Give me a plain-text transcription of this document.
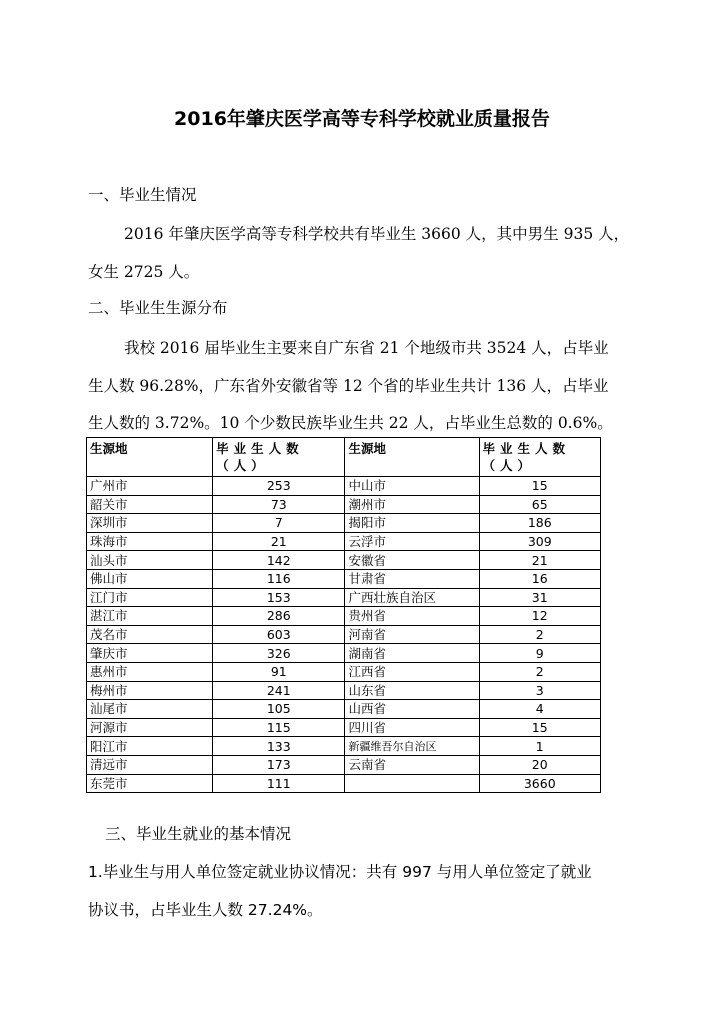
2016年肇庆医学高等专科学校就业质量报告
一、毕业生情况
2016 年肇庆医学高等专科学校共有毕业生 3660 人，其中男生 935 人，
女生 2725 人。
二、毕业生生源分布
我校 2016 届毕业生主要来自广东省 21 个地级市共 3524 人，占毕业
生人数 96.28%，广东省外安徽省等 12 个省的毕业生共计 136 人，占毕业
生人数的 3.72%。10 个少数民族毕业生共 22 人，占毕业生总数的 0.6%。
生源地	毕业生人数（人）	生源地	毕业生人数（人）
广州市	253	中山市	15
韶关市	73	潮州市	65
深圳市	7	揭阳市	186
珠海市	21	云浮市	309
汕头市	142	安徽省	21
佛山市	116	甘肃省	16
江门市	153	广西壮族自治区	31
湛江市	286	贵州省	12
茂名市	603	河南省	2
肇庆市	326	湖南省	9
惠州市	91	江西省	2
梅州市	241	山东省	3
汕尾市	105	山西省	4
河源市	115	四川省	15
阳江市	133	新疆维吾尔自治区	1
清远市	173	云南省	20
东莞市	111		3660
三、毕业生就业的基本情况
1.毕业生与用人单位签定就业协议情况：共有 997 与用人单位签定了就业
协议书，占毕业生人数 27.24%。
